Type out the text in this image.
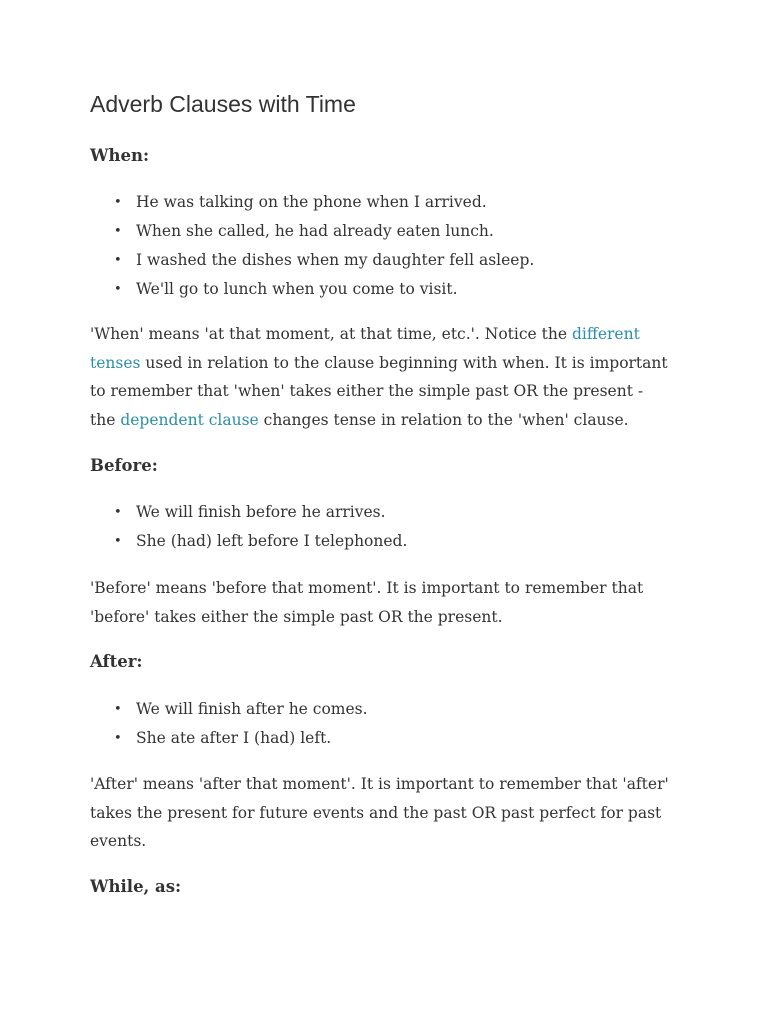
Adverb Clauses with Time
When:
• He was talking on the phone when I arrived.
• When she called, he had already eaten lunch.
• I washed the dishes when my daughter fell asleep.
• We'll go to lunch when you come to visit.

'When' means 'at that moment, at that time, etc.'. Notice the different
tenses used in relation to the clause beginning with when. It is important
to remember that 'when' takes either the simple past OR the present -
the dependent clause changes tense in relation to the 'when' clause.

Before:
• We will finish before he arrives.
• She (had) left before I telephoned.

'Before' means 'before that moment'. It is important to remember that
'before' takes either the simple past OR the present.

After:
• We will finish after he comes.
• She ate after I (had) left.

'After' means 'after that moment'. It is important to remember that 'after'
takes the present for future events and the past OR past perfect for past
events.

While, as:
